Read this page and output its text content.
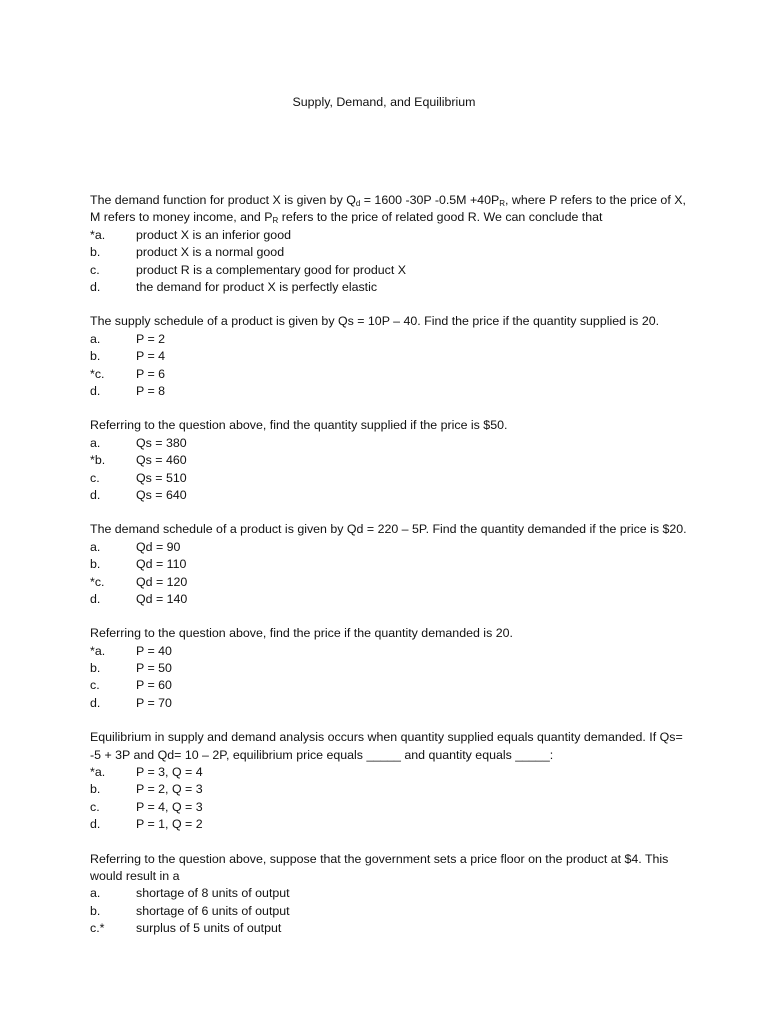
Supply, Demand, and Equilibrium

The demand function for product X is given by $Q_d = 1600$ -30P $-0.5M +40P_R$, where P refers to the price of X, M refers to money income, and $P_R$ refers to the price of related good R. We can conclude that

*a.	product X is an inferior good
b.	product X is a normal good
c.	product R is a complementary good for product X
d.	the demand for product X is perfectly elastic

The supply schedule of a product is given by Qs = 10P – 40. Find the price if the quantity supplied is 20.

a.	P = 2
b.	P = 4
*c.	P = 6
d.	P = 8

Referring to the question above, find the quantity supplied if the price is $50.

a.	Qs = 380
*b.	Qs = 460
c.	Qs = 510
d.	Qs = 640

The demand schedule of a product is given by Qd = 220 – 5P. Find the quantity demanded if the price is $20.

a.	Qd = 90
b.	Qd = 110
*c.	Qd = 120
d.	Qd = 140

Referring to the question above, find the price if the quantity demanded is 20.

*a.	P = 40
b.	P = 50
c.	P = 60
d.	P = 70

Equilibrium in supply and demand analysis occurs when quantity supplied equals quantity demanded. If Qs= -5 + 3P and Qd= 10 – 2P, equilibrium price equals _____ and quantity equals _____:

*a.	P = 3, Q = 4
b.	P = 2, Q = 3
c.	P = 4, Q = 3
d.	P = 1, Q = 2

Referring to the question above, suppose that the government sets a price floor on the product at $4. This would result in a

a.	shortage of 8 units of output
b.	shortage of 6 units of output
c.*	surplus of 5 units of output
